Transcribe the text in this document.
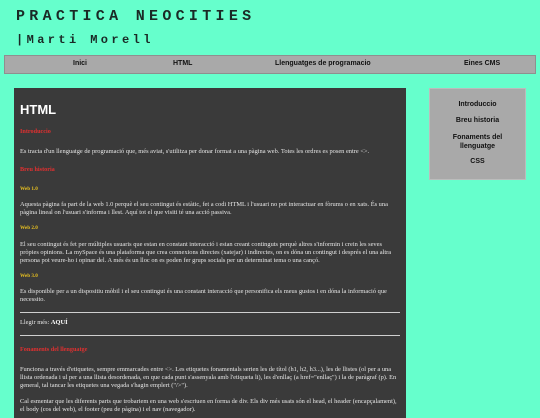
PRACTICA NEOCITIES
|Marti Morell
Inici	HTML	Llenguatges de programacio	Eines CMS
HTML
Introduccio

Es tracta d'un llenguatge de programació que, més aviat, s'utilitza per donar format a una pàgina web. Totes les ordres es posen entre <>.

Breu historia
Web 1.0

Aquesta pàgina fa part de la web 1.0 perquè el seu contingut és estàtic, fet a codi HTML i l'usuari no pot interactuar en fòrums o en xats. És una pàgina lineal on l'usuari s'informa i llest. Aquí tot el que visiti té una acció passiva.

Web 2.0

El seu contingut és fet per múltiples usuaris que estan en constant interacció i estan creant continguts perquè altres s'informin i crein les seves pròpies opinions. La mySpace és una plataforma que crea connexions directes (xatejar) i indirectes, on es dóna un contingut i després el una altra persona pot veure-ho i opinar del. A més és un lloc on es poden fer grups socials per un determinat tema o una cançó.

Web 3.0

Es disponible per a un dispositiu mòbil i el seu contingut és una constant interacció que personifica els meus gustos i en dóna la informació que necessito.

Llegir més: AQUÍ

Fonaments del llenguatge

Funciona a través d'etiquetes, sempre emmarcades entre <>. Les etiquetes fonamentals serien les de títol (h1, h2, h3...), les de llistes (ol per a una llista ordenada i ul per a una llista desordenada, en que cada punt s'assenyala amb l'etiqueta li), les d'enllaç (a href="enllaç") i la de paràgraf (p). En general, tal tancar les etiquetes una vegada s'hagin emplert ("/>").

Cal esmentar que les diferents parts que trobariem en una web s'escriuen en forma de div. Els div més usats són el head, el header (encapçalament), el body (cos del web), el footer (peu de pàgina) i el nav (navegador).

Introduccio
Breu historia
Fonaments del llenguatge
CSS
